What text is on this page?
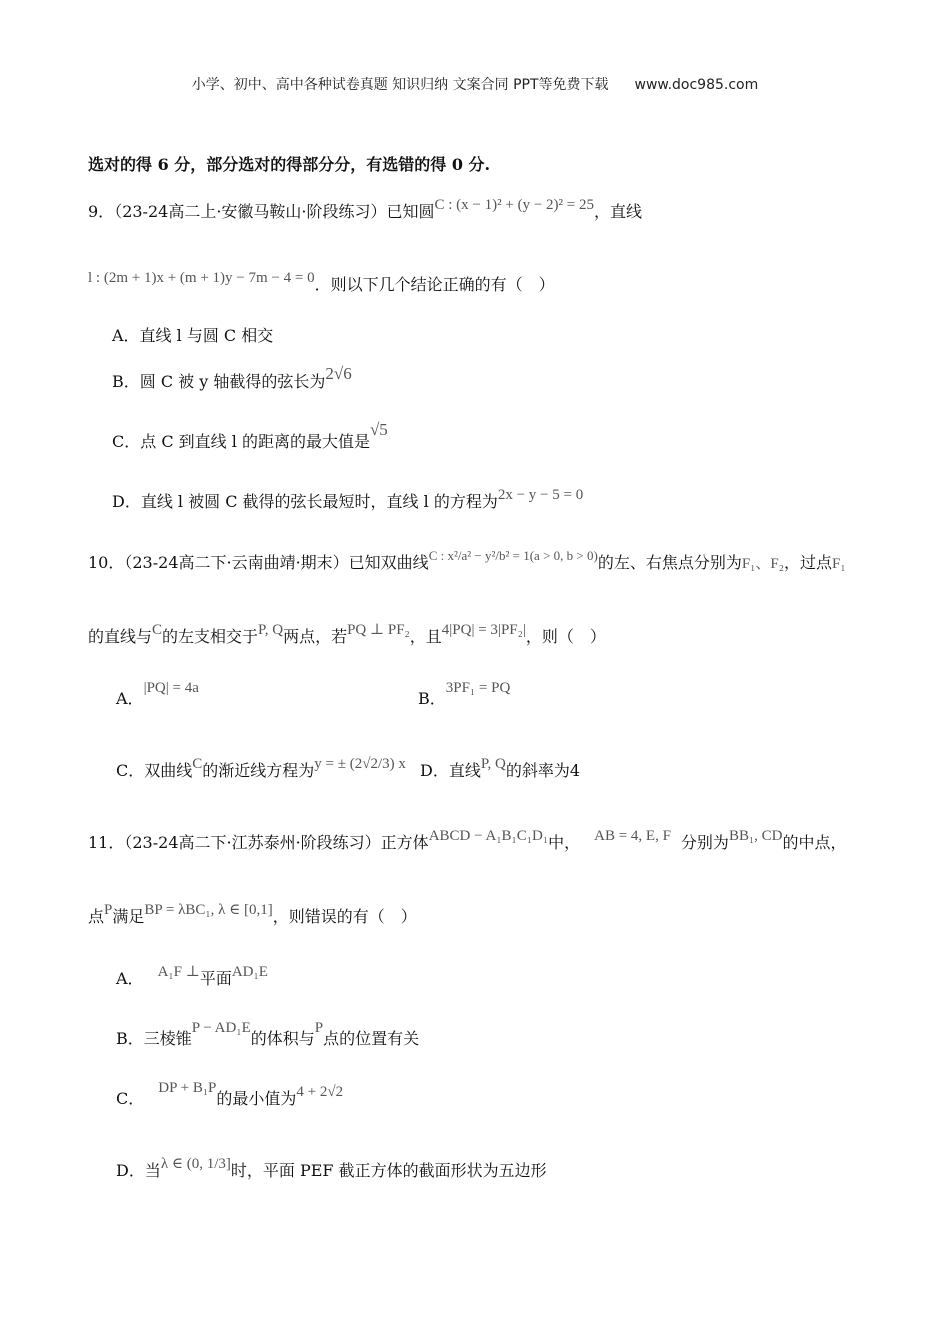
小学、初中、高中各种试卷真题 知识归纳 文案合同 PPT等免费下载 www.doc985.com
选对的得 6 分，部分选对的得部分分，有选错的得 0 分.
9．（23-24高二上·安徽马鞍山·阶段练习）已知圆C : (x − 1)² + (y − 2)² = 25，直线
l : (2m + 1)x + (m + 1)y − 7m − 4 = 0．则以下几个结论正确的有（　）
A．直线 l 与圆 C 相交
B．圆 C 被 y 轴截得的弦长为2√6
C．点 C 到直线 l 的距离的最大值是√5
D．直线 l 被圆 C 截得的弦长最短时，直线 l 的方程为2x − y − 5 = 0
10．（23-24高二下·云南曲靖·期末）已知双曲线$^{C : x^2/a^2 - y^2/b^2 = 1(a > 0, b > 0)}$的左、右焦点分别为F₁、F₂，过点F₁
的直线与C的左支相交于P, Q两点，若PQ ⊥ PF₂，且4|PQ| = 3|PF₂|，则（　）
A．|PQ| = 4a
B．3PF₁ = PQ
C．双曲线C的渐近线方程为y = ± (2√2/3) x D．直线P, Q的斜率为4
11．（23-24高二下·江苏泰州·阶段练习）正方体ABCD − A₁B₁C₁D₁中， AB = 4, E, F 分别为BB₁, CD的中点，
点P满足BP = λBC₁, λ ∈ [0,1]，则错误的有（　）
A． A₁F ⊥平面AD₁E
B．三棱锥P − AD₁E的体积与P点的位置有关
C．DP + B₁P的最小值为4 + 2√2
D．当λ ∈ (0, 1/3]时，平面 PEF 截正方体的截面形状为五边形
